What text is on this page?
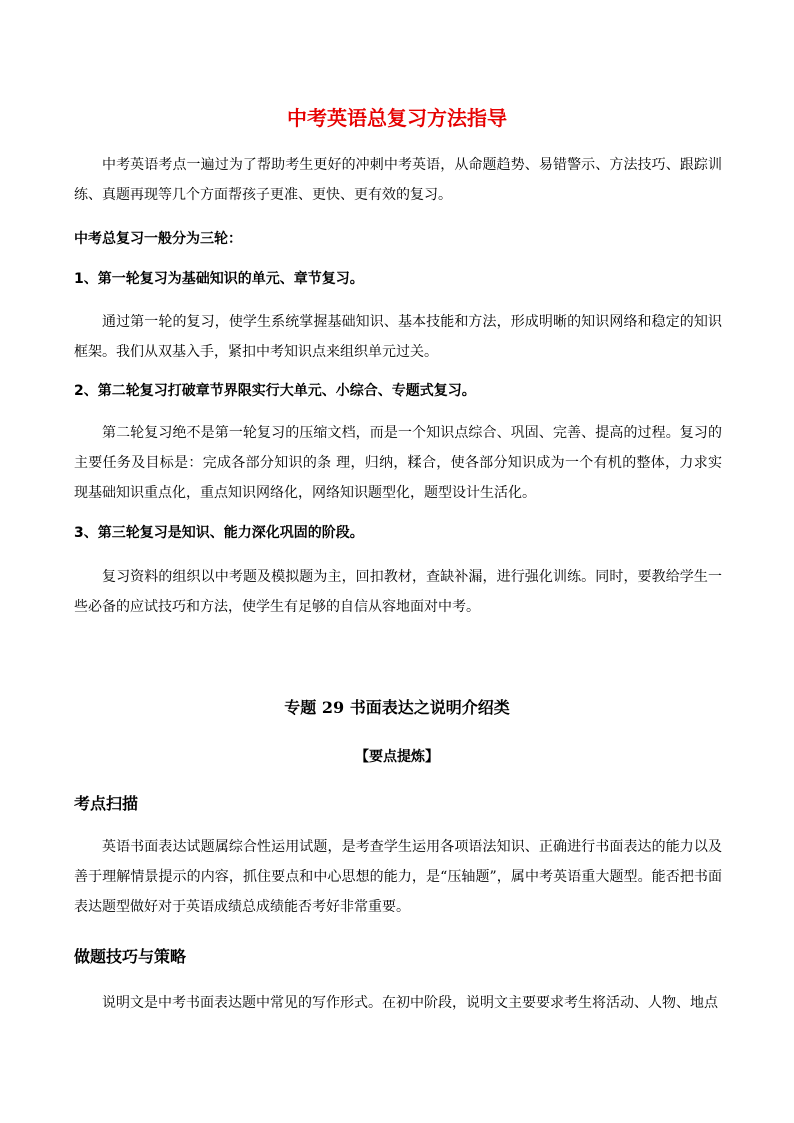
中考英语总复习方法指导

中考英语考点一遍过为了帮助考生更好的冲刺中考英语，从命题趋势、易错警示、方法技巧、跟踪训练、真题再现等几个方面帮孩子更准、更快、更有效的复习。

中考总复习一般分为三轮：

1、第一轮复习为基础知识的单元、章节复习。

通过第一轮的复习，使学生系统掌握基础知识、基本技能和方法，形成明晰的知识网络和稳定的知识框架。我们从双基入手，紧扣中考知识点来组织单元过关。

2、第二轮复习打破章节界限实行大单元、小综合、专题式复习。

第二轮复习绝不是第一轮复习的压缩文档，而是一个知识点综合、巩固、完善、提高的过程。复习的主要任务及目标是：完成各部分知识的条 理，归纳，糅合，使各部分知识成为一个有机的整体，力求实现基础知识重点化，重点知识网络化，网络知识题型化，题型设计生活化。

3、第三轮复习是知识、能力深化巩固的阶段。

复习资料的组织以中考题及模拟题为主，回扣教材，查缺补漏，进行强化训练。同时，要教给学生一些必备的应试技巧和方法，使学生有足够的自信从容地面对中考。

专题 29 书面表达之说明介绍类

【要点提炼】

考点扫描

英语书面表达试题属综合性运用试题，是考查学生运用各项语法知识、正确进行书面表达的能力以及善于理解情景提示的内容，抓住要点和中心思想的能力，是“压轴题”，属中考英语重大题型。能否把书面表达题型做好对于英语成绩总成绩能否考好非常重要。

做题技巧与策略

说明文是中考书面表达题中常见的写作形式。在初中阶段，说明文主要要求考生将活动、人物、地点
